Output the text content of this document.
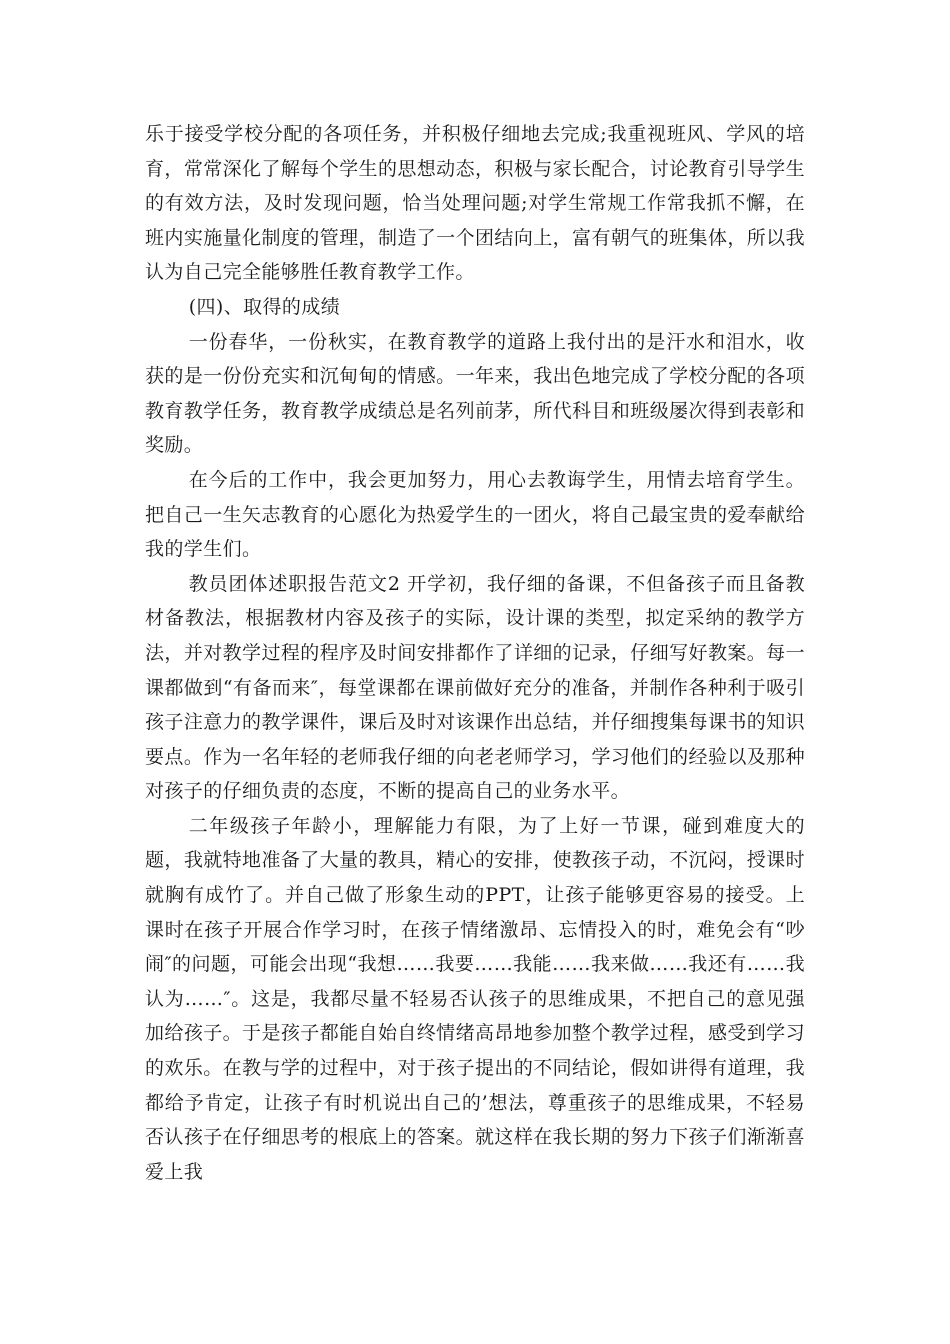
乐于接受学校分配的各项任务，并积极仔细地去完成;我重视班风、学风的培育，常常深化了解每个学生的思想动态，积极与家长配合，讨论教育引导学生的有效方法，及时发现问题，恰当处理问题;对学生常规工作常我抓不懈，在班内实施量化制度的管理，制造了一个团结向上，富有朝气的班集体，所以我认为自己完全能够胜任教育教学工作。

(四)、取得的成绩

一份春华，一份秋实，在教育教学的道路上我付出的是汗水和泪水，收获的是一份份充实和沉甸甸的情感。一年来，我出色地完成了学校分配的各项教育教学任务，教育教学成绩总是名列前茅，所代科目和班级屡次得到表彰和奖励。

在今后的工作中，我会更加努力，用心去教诲学生，用情去培育学生。把自己一生矢志教育的心愿化为热爱学生的一团火，将自己最宝贵的爱奉献给我的学生们。

教员团体述职报告范文2 开学初，我仔细的备课，不但备孩子而且备教材备教法，根据教材内容及孩子的实际，设计课的类型，拟定采纳的教学方法，并对教学过程的程序及时间安排都作了详细的记录，仔细写好教案。每一课都做到“有备而来″，每堂课都在课前做好充分的准备，并制作各种利于吸引孩子注意力的教学课件，课后及时对该课作出总结，并仔细搜集每课书的知识要点。作为一名年轻的老师我仔细的向老老师学习，学习他们的经验以及那种对孩子的仔细负责的态度，不断的提高自己的业务水平。

二年级孩子年龄小，理解能力有限，为了上好一节课，碰到难度大的题，我就特地准备了大量的教具，精心的安排，使教孩子动，不沉闷，授课时就胸有成竹了。并自己做了形象生动的PPT，让孩子能够更容易的接受。上课时在孩子开展合作学习时，在孩子情绪激昂、忘情投入的时，难免会有“吵闹″的问题，可能会出现“我想……我要……我能……我来做……我还有……我认为……″。这是，我都尽量不轻易否认孩子的思维成果，不把自己的意见强加给孩子。于是孩子都能自始自终情绪高昂地参加整个教学过程，感受到学习的欢乐。在教与学的过程中，对于孩子提出的不同结论，假如讲得有道理，我都给予肯定，让孩子有时机说出自己的’想法，尊重孩子的思维成果，不轻易否认孩子在仔细思考的根底上的答案。就这样在我长期的努力下孩子们渐渐喜爱上我
